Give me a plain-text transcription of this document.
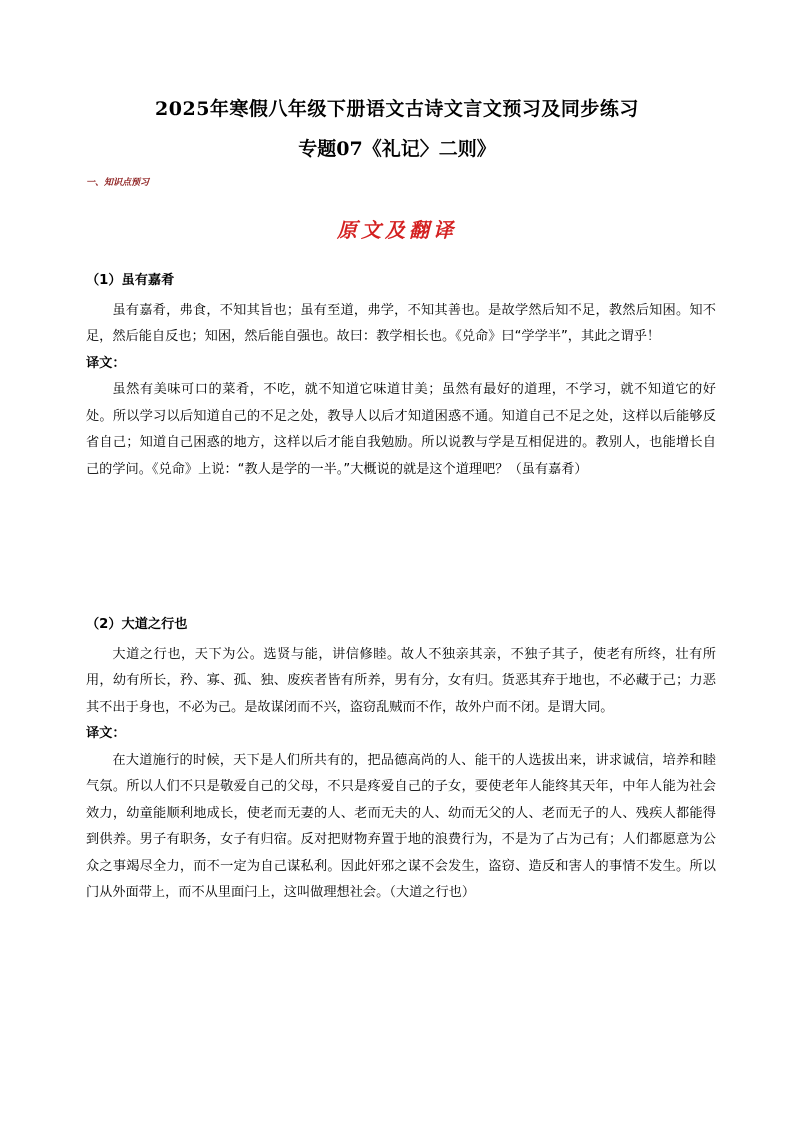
2025年寒假八年级下册语文古诗文言文预习及同步练习
专题07《礼记〉二则》
一、知识点预习
原文及翻译

（1）虽有嘉肴

虽有嘉肴，弗食，不知其旨也；虽有至道，弗学，不知其善也。是故学然后知不足，教然后知困。知不足，然后能自反也；知困，然后能自强也。故曰：教学相长也。《兑命》曰“学学半”，其此之谓乎！

译文：

虽然有美味可口的菜肴，不吃，就不知道它味道甘美；虽然有最好的道理，不学习，就不知道它的好处。所以学习以后知道自己的不足之处，教导人以后才知道困惑不通。知道自己不足之处，这样以后能够反省自己；知道自己困惑的地方，这样以后才能自我勉励。所以说教与学是互相促进的。教别人，也能增长自己的学问。《兑命》上说：“教人是学的一半。”大概说的就是这个道理吧？（虽有嘉肴）

（2）大道之行也

大道之行也，天下为公。选贤与能，讲信修睦。故人不独亲其亲，不独子其子，使老有所终，壮有所用，幼有所长，矜、寡、孤、独、废疾者皆有所养，男有分，女有归。货恶其弃于地也，不必藏于己；力恶其不出于身也，不必为己。是故谋闭而不兴，盗窃乱贼而不作，故外户而不闭。是谓大同。

译文：

在大道施行的时候，天下是人们所共有的，把品德高尚的人、能干的人选拔出来，讲求诚信，培养和睦气氛。所以人们不只是敬爱自己的父母，不只是疼爱自己的子女，要使老年人能终其天年，中年人能为社会效力，幼童能顺利地成长，使老而无妻的人、老而无夫的人、幼而无父的人、老而无子的人、残疾人都能得到供养。男子有职务，女子有归宿。反对把财物弃置于地的浪费行为，不是为了占为己有；人们都愿意为公众之事竭尽全力，而不一定为自己谋私利。因此奸邪之谋不会发生，盗窃、造反和害人的事情不发生。所以门从外面带上，而不从里面闩上，这叫做理想社会。（大道之行也）
